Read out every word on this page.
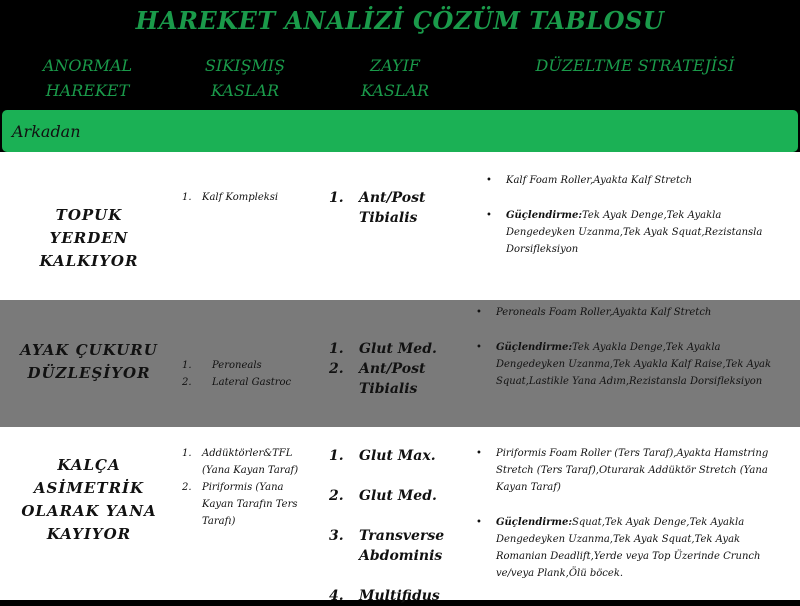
HAREKET ANALİZİ ÇÖZÜM TABLOSU
ANORMAL
HAREKET
SIKIŞMIŞ
KASLAR
ZAYIF
KASLAR
DÜZELTME STRATEJİSİ
Arkadan
TOPUK YERDEN
KALKIYOR
1. Kalf Kompleksi	1. Ant/Post
Tibialis
• Kalf Foam Roller,Ayakta Kalf Stretch
• Güçlendirme:Tek Ayak Denge,Tek Ayakla Dengedeyken Uzanma,Tek Ayak Squat,Rezistansla Dorsifleksiyon
AYAK ÇUKURU
DÜZLEŞİYOR	1. Peroneals
2. Lateral Gastroc
1. Glut Med.
2. Ant/Post
Tibialis
• Peroneals Foam Roller,Ayakta Kalf Stretch
• Güçlendirme:Tek Ayakla Denge,Tek Ayakla Dengedeyken Uzanma,Tek Ayakla Kalf Raise,Tek Ayak Squat,Lastikle Yana Adım,Rezistansla Dorsifleksiyon
KALÇA
ASİMETRİK
OLARAK YANA
KAYIYOR
1. Addüktörler&TFL (Yana Kayan Taraf)
2. Piriformis (Yana Kayan Tarafın Ters Tarafı)
1. Glut Max.
2. Glut Med.
3. Transverse
Abdominis
4. Multifidus
• Piriformis Foam Roller (Ters Taraf),Ayakta Hamstring Stretch (Ters Taraf),Oturarak Addüktör Stretch (Yana Kayan Taraf)
• Güçlendirme:Squat,Tek Ayak Denge,Tek Ayakla Dengedeyken Uzanma,Tek Ayak Squat,Tek Ayak Romanian Deadlift,Yerde veya Top Üzerinde Crunch ve/veya Plank,Ölü böcek.
